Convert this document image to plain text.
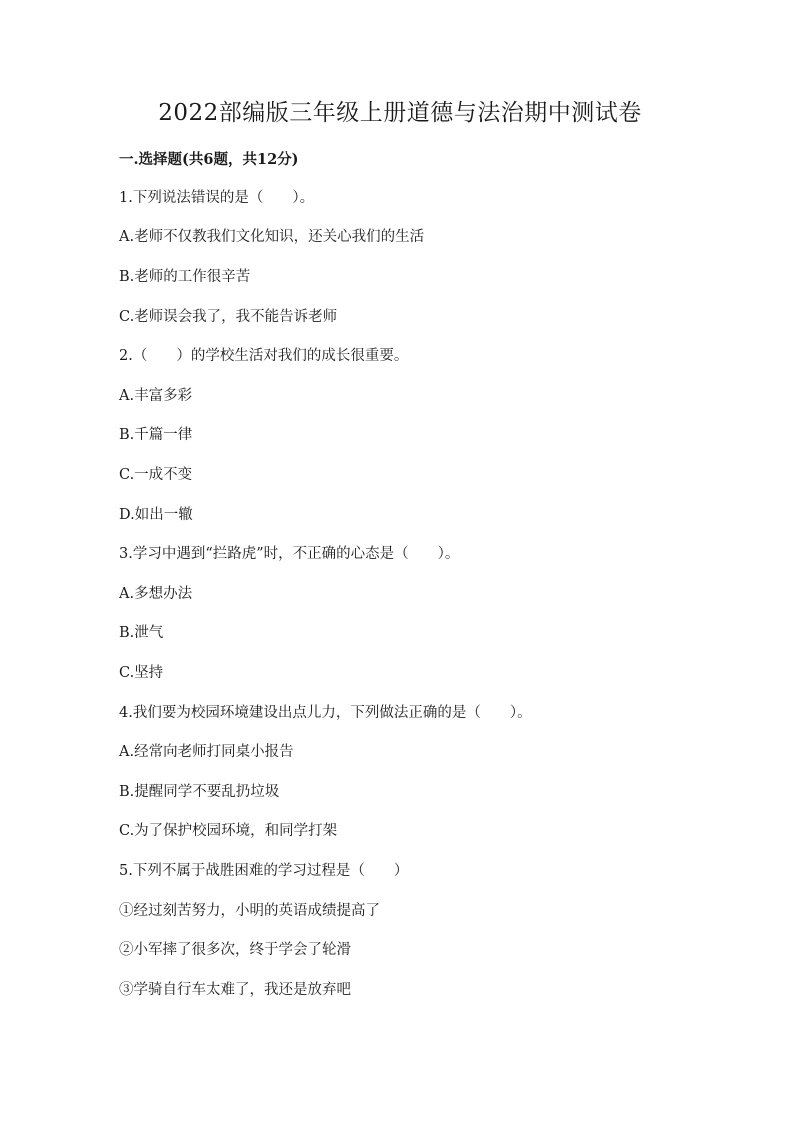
2022部编版三年级上册道德与法治期中测试卷
一.选择题(共6题，共12分)
1.下列说法错误的是（　　）。
A.老师不仅教我们文化知识，还关心我们的生活
B.老师的工作很辛苦
C.老师误会我了，我不能告诉老师
2.（　　）的学校生活对我们的成长很重要。
A.丰富多彩
B.千篇一律
C.一成不变
D.如出一辙
3.学习中遇到“拦路虎”时，不正确的心态是（　　）。
A.多想办法
B.泄气
C.坚持
4.我们要为校园环境建设出点儿力，下列做法正确的是（　　）。
A.经常向老师打同桌小报告
B.提醒同学不要乱扔垃圾
C.为了保护校园环境，和同学打架
5.下列不属于战胜困难的学习过程是（　　）
①经过刻苦努力，小明的英语成绩提高了
②小军摔了很多次，终于学会了轮滑
③学骑自行车太难了，我还是放弃吧
